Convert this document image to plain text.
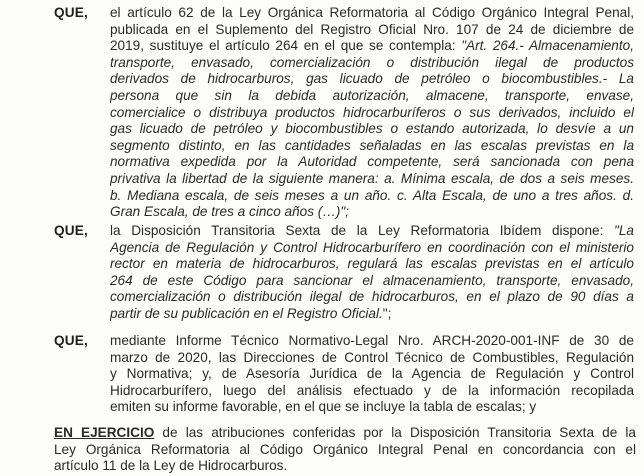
QUE, el artículo 62 de la Ley Orgánica Reformatoria al Código Orgánico Integral Penal,
publicada en el Suplemento del Registro Oficial Nro. 107 de 24 de diciembre de
2019, sustituye el artículo 264 en el que se contempla: "Art. 264.- Almacenamiento,
transporte, envasado, comercialización o distribución ilegal de productos
derivados de hidrocarburos, gas licuado de petróleo o biocombustibles.- La
persona que sin la debida autorización, almacene, transporte, envase,
comercialice o distribuya productos hidrocarburíferos o sus derivados, incluido el
gas licuado de petróleo y biocombustibles o estando autorizada, lo desvíe a un
segmento distinto, en las cantidades señaladas en las escalas previstas en la
normativa expedida por la Autoridad competente, será sancionada con pena
privativa la libertad de la siguiente manera: a. Mínima escala, de dos a seis meses.
b. Mediana escala, de seis meses a un año. c. Alta Escala, de uno a tres años. d.
Gran Escala, de tres a cinco años (…)";
QUE, la Disposición Transitoria Sexta de la Ley Reformatoria Ibídem dispone: "La
Agencia de Regulación y Control Hidrocarburífero en coordinación con el ministerio
rector en materia de hidrocarburos, regulará las escalas previstas en el artículo
264 de este Código para sancionar el almacenamiento, transporte, envasado,
comercialización o distribución ilegal de hidrocarburos, en el plazo de 90 días a
partir de su publicación en el Registro Oficial.";
QUE, mediante Informe Técnico Normativo-Legal Nro. ARCH-2020-001-INF de 30 de
marzo de 2020, las Direcciones de Control Técnico de Combustibles, Regulación
y Normativa; y, de Asesoría Jurídica de la Agencia de Regulación y Control
Hidrocarburífero, luego del análisis efectuado y de la información recopilada
emiten su informe favorable, en el que se incluye la tabla de escalas; y
EN EJERCICIO de las atribuciones conferidas por la Disposición Transitoria Sexta de la
Ley Orgánica Reformatoria al Código Orgánico Integral Penal en concordancia con el
artículo 11 de la Ley de Hidrocarburos.
